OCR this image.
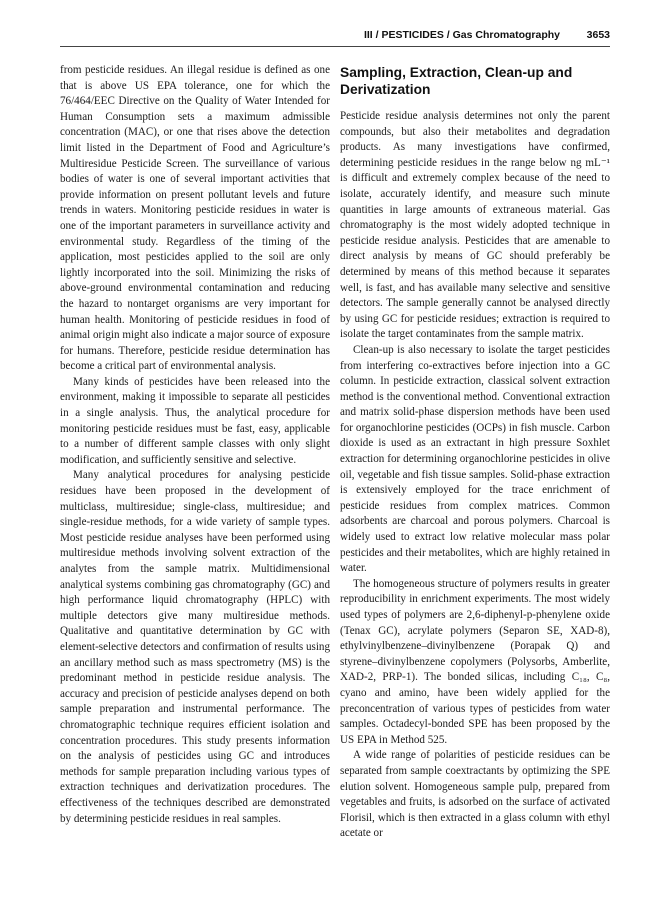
III / PESTICIDES / Gas Chromatography	3653

from pesticide residues. An illegal residue is defined as one that is above US EPA tolerance, one for which the 76/464/EEC Directive on the Quality of Water Intended for Human Consumption sets a maximum admissible concentration (MAC), or one that rises above the detection limit listed in the Department of Food and Agriculture’s Multiresidue Pesticide Screen. The surveillance of various bodies of water is one of several important activities that provide information on present pollutant levels and future trends in waters. Monitoring pesticide residues in water is one of the important parameters in surveillance activity and environmental study. Regardless of the timing of the application, most pesticides applied to the soil are only lightly incorporated into the soil. Minimizing the risks of above-ground environmental contamination and reducing the hazard to nontarget organisms are very important for human health. Monitoring of pesticide residues in food of animal origin might also indicate a major source of exposure for humans. Therefore, pesticide residue determination has become a critical part of environmental analysis.

Many kinds of pesticides have been released into the environment, making it impossible to separate all pesticides in a single analysis. Thus, the analytical procedure for monitoring pesticide residues must be fast, easy, applicable to a number of different sample classes with only slight modification, and sufficiently sensitive and selective.

Many analytical procedures for analysing pesticide residues have been proposed in the development of multiclass, multiresidue; single-class, multiresidue; and single-residue methods, for a wide variety of sample types. Most pesticide residue analyses have been performed using multiresidue methods involving solvent extraction of the analytes from the sample matrix. Multidimensional analytical systems combining gas chromatography (GC) and high performance liquid chromatography (HPLC) with multiple detectors give many multiresidue methods. Qualitative and quantitative determination by GC with element-selective detectors and confirmation of results using an ancillary method such as mass spectrometry (MS) is the predominant method in pesticide residue analysis. The accuracy and precision of pesticide analyses depend on both sample preparation and instrumental performance. The chromatographic technique requires efficient isolation and concentration procedures. This study presents information on the analysis of pesticides using GC and introduces methods for sample preparation including various types of extraction techniques and derivatization procedures. The effectiveness of the techniques described are demonstrated by determining pesticide residues in real samples.

Sampling, Extraction, Clean-up and Derivatization

Pesticide residue analysis determines not only the parent compounds, but also their metabolites and degradation products. As many investigations have confirmed, determining pesticide residues in the range below ng mL⁻¹ is difficult and extremely complex because of the need to isolate, accurately identify, and measure such minute quantities in large amounts of extraneous material. Gas chromatography is the most widely adopted technique in pesticide residue analysis. Pesticides that are amenable to direct analysis by means of GC should preferably be determined by means of this method because it separates well, is fast, and has available many selective and sensitive detectors. The sample generally cannot be analysed directly by using GC for pesticide residues; extraction is required to isolate the target contaminates from the sample matrix.

Clean-up is also necessary to isolate the target pesticides from interfering co-extractives before injection into a GC column. In pesticide extraction, classical solvent extraction method is the conventional method. Conventional extraction and matrix solid-phase dispersion methods have been used for organochlorine pesticides (OCPs) in fish muscle. Carbon dioxide is used as an extractant in high pressure Soxhlet extraction for determining organochlorine pesticides in olive oil, vegetable and fish tissue samples. Solid-phase extraction is extensively employed for the trace enrichment of pesticide residues from complex matrices. Common adsorbents are charcoal and porous polymers. Charcoal is widely used to extract low relative molecular mass polar pesticides and their metabolites, which are highly retained in water.

The homogeneous structure of polymers results in greater reproducibility in enrichment experiments. The most widely used types of polymers are 2,6-diphenyl-p-phenylene oxide (Tenax GC), acrylate polymers (Separon SE, XAD-8), ethylvinylbenzene–divinylbenzene (Porapak Q) and styrene–divinylbenzene copolymers (Polysorbs, Amberlite, XAD-2, PRP-1). The bonded silicas, including C₁₈, C₈, cyano and amino, have been widely applied for the preconcentration of various types of pesticides from water samples. Octadecyl-bonded SPE has been proposed by the US EPA in Method 525.

A wide range of polarities of pesticide residues can be separated from sample coextractants by optimizing the SPE elution solvent. Homogeneous sample pulp, prepared from vegetables and fruits, is adsorbed on the surface of activated Florisil, which is then extracted in a glass column with ethyl acetate or
